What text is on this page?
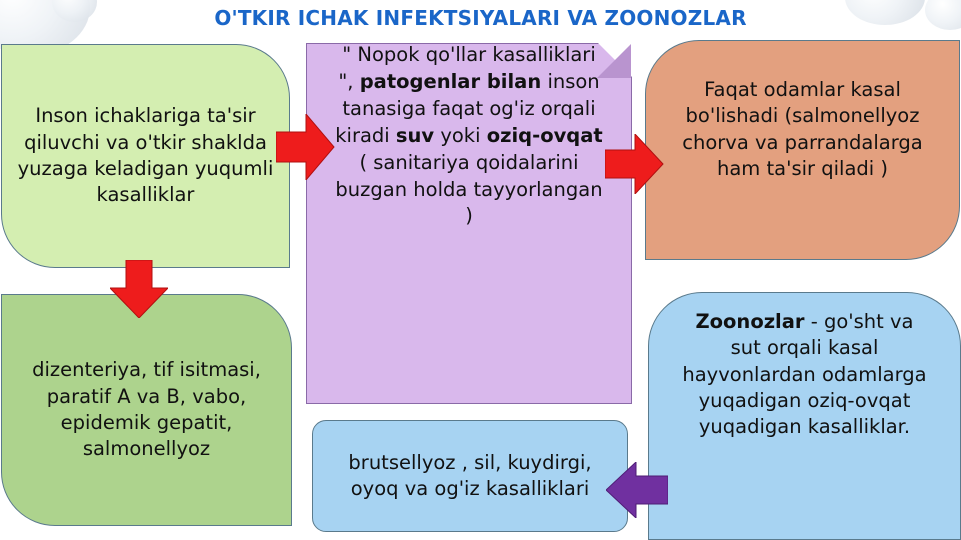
O'TKIR ICHAK INFEKTSIYALARI VA ZOONOZLAR

Inson ichaklariga ta'sir qiluvchi va o'tkir shaklda yuzaga keladigan yuqumli kasalliklar

dizenteriya, tif isitmasi, paratif A va B, vabo, epidemik gepatit, salmonellyoz

" Nopok qo'llar kasalliklari ", patogenlar bilan inson tanasiga faqat og'iz orqali kiradi suv yoki oziq-ovqat ( sanitariya qoidalarini buzgan holda tayyorlangan )

Faqat odamlar kasal bo'lishadi (salmonellyoz chorva va parrandalarga ham ta'sir qiladi )

Zoonozlar - go'sht va sut orqali kasal hayvonlardan odamlarga yuqadigan oziq-ovqat yuqadigan kasalliklar.

brutsellyoz , sil, kuydirgi, oyoq va og'iz kasalliklari
